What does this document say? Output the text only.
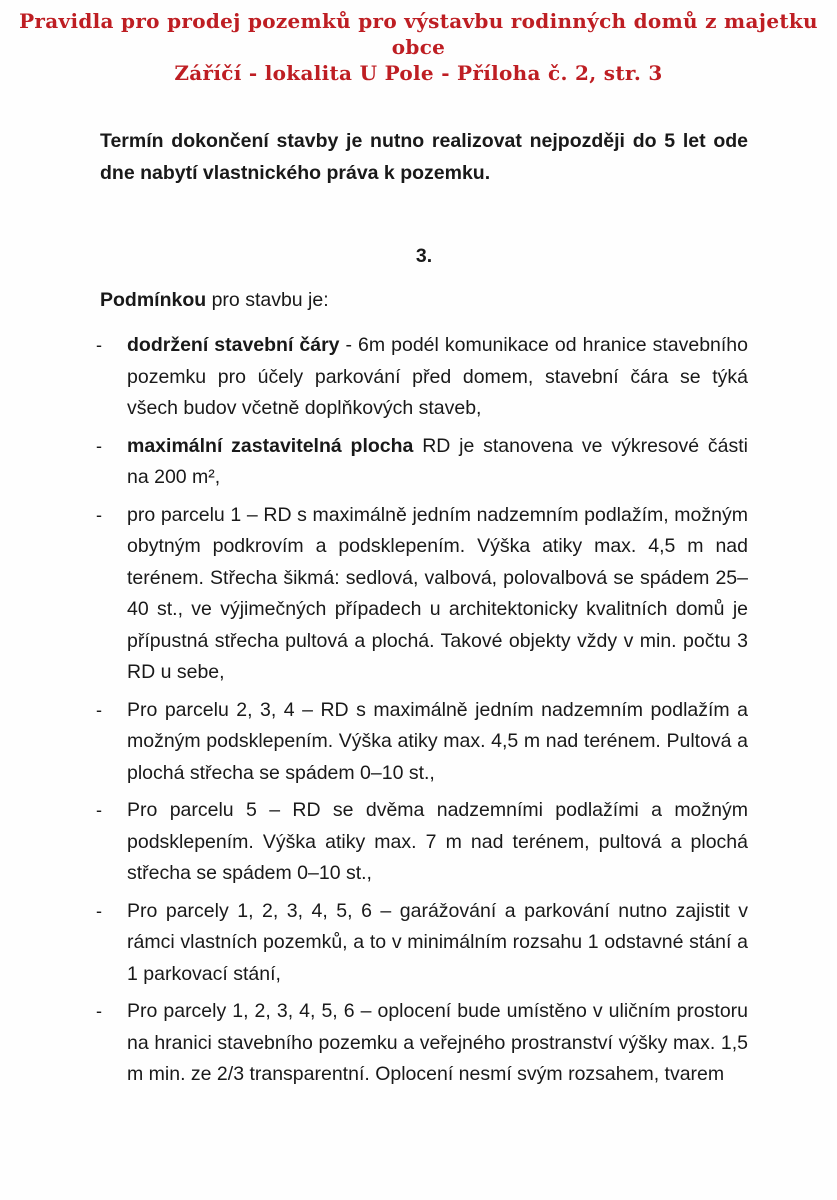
Pravidla pro prodej pozemků pro výstavbu rodinných domů z majetku obce
Záříčí - lokalita U Pole - Příloha č. 2, str. 3

Termín dokončení stavby je nutno realizovat nejpozději do 5 let ode dne nabytí vlastnického práva k pozemku.

3.

Podmínkou pro stavbu je:

-	dodržení stavební čáry - 6m podél komunikace od hranice stavebního pozemku pro účely parkování před domem, stavební čára se týká všech budov včetně doplňkových staveb,

-	maximální zastavitelná plocha RD je stanovena ve výkresové části na 200 m²,

-	pro parcelu 1 – RD s maximálně jedním nadzemním podlažím, možným obytným podkrovím a podsklepením. Výška atiky max. 4,5 m nad terénem. Střecha šikmá: sedlová, valbová, polovalbová se spádem 25– 40 st., ve výjimečných případech u architektonicky kvalitních domů je přípustná střecha pultová a plochá. Takové objekty vždy v min. počtu 3 RD u sebe,

-	Pro parcelu 2, 3, 4 – RD s maximálně jedním nadzemním podlažím a možným podsklepením. Výška atiky max. 4,5 m nad terénem. Pultová a plochá střecha se spádem 0–10 st.,

-	Pro parcelu 5 – RD se dvěma nadzemními podlažími a možným podsklepením. Výška atiky max. 7 m nad terénem, pultová a plochá střecha se spádem 0–10 st.,

-	Pro parcely 1, 2, 3, 4, 5, 6 – garážování a parkování nutno zajistit v rámci vlastních pozemků, a to v minimálním rozsahu 1 odstavné stání a 1 parkovací stání,

-	Pro parcely 1, 2, 3, 4, 5, 6 – oplocení bude umístěno v uličním prostoru na hranici stavebního pozemku a veřejného prostranství výšky max. 1,5 m min. ze 2/3 transparentní. Oplocení nesmí svým rozsahem, tvarem
